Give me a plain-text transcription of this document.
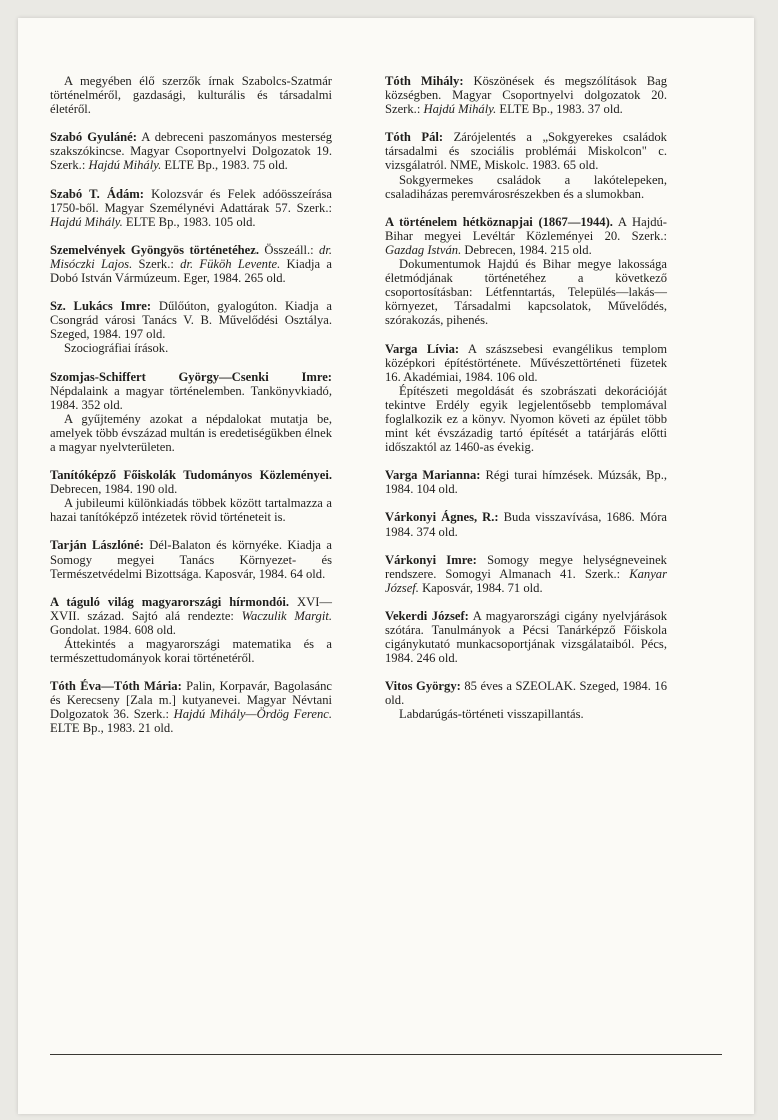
A megyében élő szerzők írnak Szabolcs-Szatmár történelméről, gazdasági, kulturális és társadalmi életéről.

Szabó Gyuláné: A debreceni paszományos mesterség szakszókincse. Magyar Csoportnyelvi Dolgozatok 19. Szerk.: Hajdú Mihály. ELTE Bp., 1983. 75 old.

Szabó T. Ádám: Kolozsvár és Felek adóösszeírása 1750-ből. Magyar Személynévi Adattárak 57. Szerk.: Hajdú Mihály. ELTE Bp., 1983. 105 old.

Szemelvények Gyöngyös történetéhez. Összeáll.: dr. Misóczki Lajos. Szerk.: dr. Füköh Levente. Kiadja a Dobó István Vármúzeum. Eger, 1984. 265 old.

Sz. Lukács Imre: Dűlőúton, gyalogúton. Kiadja a Csongrád városi Tanács V. B. Művelődési Osztálya. Szeged, 1984. 197 old.

Szociográfiai írások.

Szomjas-Schiffert György—Csenki Imre: Népdalaink a magyar történelemben. Tankönyvkiadó, 1984. 352 old.

A gyűjtemény azokat a népdalokat mutatja be, amelyek több évszázad multán is eredetiségükben élnek a magyar nyelvterületen.

Tanítóképző Főiskolák Tudományos Közleményei. Debrecen, 1984. 190 old.

A jubileumi különkiadás többek között tartalmazza a hazai tanítóképző intézetek rövid történeteit is.

Tarján Lászlóné: Dél-Balaton és környéke. Kiadja a Somogy megyei Tanács Környezet- és Természetvédelmi Bizottsága. Kaposvár, 1984. 64 old.

A táguló világ magyarországi hírmondói. XVI—XVII. század. Sajtó alá rendezte: Waczulik Margit. Gondolat. 1984. 608 old.

Áttekintés a magyarországi matematika és a természettudományok korai történetéről.

Tóth Éva—Tóth Mária: Palin, Korpavár, Bagolasánc és Kerecseny [Zala m.] kutyanevei. Magyar Névtani Dolgozatok 36. Szerk.: Hajdú Mihály—Ördög Ferenc. ELTE Bp., 1983. 21 old.

Tóth Mihály: Köszönések és megszólítások Bag községben. Magyar Csoportnyelvi dolgozatok 20. Szerk.: Hajdú Mihály. ELTE Bp., 1983. 37 old.

Tóth Pál: Zárójelentés a „Sokgyerekes családok társadalmi és szociális problémái Miskolcon" c. vizsgálatról. NME, Miskolc. 1983. 65 old.

Sokgyermekes családok a lakótelepeken, csaladiházas peremvárosrészekben és a slumokban.

A történelem hétköznapjai (1867—1944). A Hajdú-Bihar megyei Levéltár Közleményei 20. Szerk.: Gazdag István. Debrecen, 1984. 215 old.

Dokumentumok Hajdú és Bihar megye lakossága életmódjának történetéhez a következő csoportosításban: Létfenntartás, Település—lakás—környezet, Társadalmi kapcsolatok, Művelődés, szórakozás, pihenés.

Varga Lívia: A szászsebesi evangélikus templom középkori építéstörténete. Művészettörténeti füzetek 16. Akadémiai, 1984. 106 old.

Építészeti megoldását és szobrászati dekorációját tekintve Erdély egyik legjelentősebb templomával foglalkozik ez a könyv. Nyomon követi az épület több mint két évszázadig tartó építését a tatárjárás előtti időszaktól az 1460-as évekig.

Varga Marianna: Régi turai hímzések. Múzsák, Bp., 1984. 104 old.

Várkonyi Ágnes, R.: Buda visszavívása, 1686. Móra 1984. 374 old.

Várkonyi Imre: Somogy megye helységneveinek rendszere. Somogyi Almanach 41. Szerk.: Kanyar József. Kaposvár, 1984. 71 old.

Vekerdi József: A magyarországi cigány nyelvjárások szótára. Tanulmányok a Pécsi Tanárképző Főiskola cigánykutató munkacsoportjának vizsgálataiból. Pécs, 1984. 246 old.

Vitos György: 85 éves a SZEOLAK. Szeged, 1984. 16 old.

Labdarúgás-történeti visszapillantás.
